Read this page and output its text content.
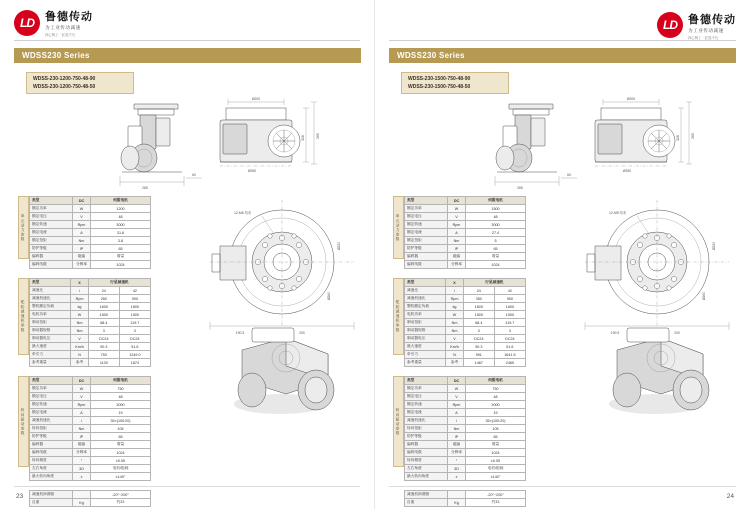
LD	鲁德传动
为工业传动减速
四心铸工 · 匠造不凡
WDSS230 Series
WDSS-230-1200-750-48-90
WDSS-230-1200-750-48-50
265
Ø200
328	265
60
Ø250
12-M8 均布
Ø220
Ø260
190.5	200
单元动力参数
类型	DC	伺服电机
额定功率	W	1200
额定电压	V	48
额定转速	Rpm	3000
额定电流	A	31.6
额定扭矩	Nm	3.8
防护等级	IP	65
编码器	磁编	增量
编码线数	分辨率	1024
舵轮减速机参数
类型	X	行星减速机	
减速比	i	24	42
减速机速比	Rpm	250	900
整机额定负载	kg	1600	1600
电机功率	W	1500	1500
制动扭矩	Nm	68.4	119.7
制动器规格	Nm	3	3
制动器电压	V	DC24	DC24
最大速度	Km/h	90.3	51.6
牵引力	N	753	1249.0
参考重量	参考	1130	1874
转向驱动参数
类型	DC	伺服电机
额定功率	W	750
额定电压	V	48
额定转速	Rpm	3000
额定电流	A	19
减速机速比	i	35×(100:20)
转向扭矩	Nm	105
防护等级	IP	65
编码器	磁编	增量
编码线数	分辨率	1024
转向精度	°	±0.05
左右角度	3D	电机/抱闸
最大转向角度	±	±140°
减速机润滑脂		-20°~200°
自重	Kg	约33
23
LD	鲁德传动
为工业传动减速
四心铸工 · 匠造不凡
WDSS230 Series
WDSS-230-1500-750-48-90
WDSS-230-1500-750-48-50
265
Ø200
328	265
60
Ø250
12-M8 均布
Ø220
Ø260
190.5	200
单元动力参数
类型	DC	伺服电机
额定功率	W	1500
额定电压	V	48
额定转速	Rpm	3000
额定电流	A	27.4
额定扭矩	Nm	5
防护等级	IP	65
编码器	磁编	增量
编码线数	分辨率	1024
舵轮减速机参数
类型	X	行星减速机	
减速比	i	24	42
减速机速比	Rpm	350	900
整机额定负载	kg	1600	1600
电机功率	W	1500	1500
制动扭矩	Nm	68.4	119.7
制动器规格	Nm	3	3
制动器电压	V	DC24	DC24
最大速度	Km/h	90.3	51.6
牵引力	N	991	1641.5
参考重量	参考	1487	2465
转向驱动参数
类型	DC	伺服电机
额定功率	W	750
额定电压	V	48
额定转速	Rpm	3000
额定电流	A	19
减速机速比	i	35×(100:20)
转向扭矩	Nm	105
防护等级	IP	65
编码器	磁编	增量
编码线数	分辨率	1024
转向精度	°	±0.05
左右角度	3D	电机/抱闸
最大转向角度	±	±140°
减速机润滑脂		-20°~200°
自重	Kg	约33
24
